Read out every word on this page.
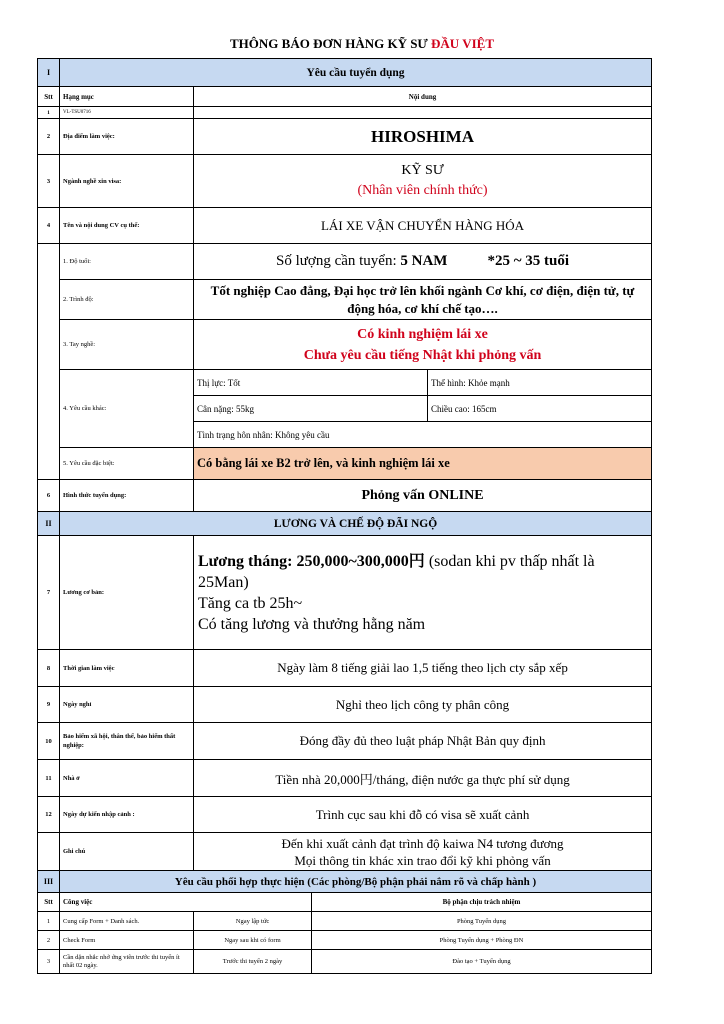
THÔNG BÁO ĐƠN HÀNG KỸ SƯ ĐẦU VIỆT
I	Yêu cầu tuyển dụng		
Stt	Hạng mục	Nội dung	
1	VL-TSU0716		
2	Địa điểm làm việc:	HIROSHIMA	
3	Ngành nghề xin visa:	KỸ SƯ
(Nhân viên chính thức)	

4	Tên và nội dung CV cụ thể:	LÁI XE VẬN CHUYỂN HÀNG HÓA	
	1. Độ tuổi:	Số lượng cần tuyển: 5 NAM *25 ~ 35 tuổi	
	2. Trình độ:	Tốt nghiệp Cao đẳng, Đại học trở lên khối ngành Cơ khí, cơ điện, điện tử, tự động hóa, cơ khí chế tạo….	
	3. Tay nghề:	Có kinh nghiệm lái xe
Chưa yêu cầu tiếng Nhật khi phỏng vấn	

	4. Yêu cầu khác:	Thị lực: Tốt	Thể hình: Khỏe mạnh
		Cân nặng: 55kg	Chiều cao: 165cm
		Tình trạng hôn nhân: Không yêu cầu	
	5. Yêu cầu đặc biệt:	Có bằng lái xe B2 trở lên, và kinh nghiệm lái xe	
6	Hình thức tuyển dụng:	Phỏng vấn ONLINE	
II	LƯƠNG VÀ CHẾ ĐỘ ĐÃI NGỘ		
7	Lương cơ bản:	Lương tháng: 250,000~300,000円 (sodan khi pv thấp nhất là 25Man)
Tăng ca tb 25h~
Có tăng lương và thưởng hằng năm	

8	Thời gian làm việc	Ngày làm 8 tiếng giải lao 1,5 tiếng theo lịch cty sắp xếp	
9	Ngày nghỉ	Nghỉ theo lịch công ty phân công	
10	Bảo hiểm xã hội, thân thể, bảo hiểm thất nghiệp:	Đóng đầy đủ theo luật pháp Nhật Bản quy định	
11	Nhà ở	Tiền nhà 20,000円/tháng, điện nước ga thực phí sử dụng	
12	Ngày dự kiến nhập cảnh :	Trình cục sau khi đỗ có visa sẽ xuất cảnh	
	Ghi chú	Đến khi xuất cảnh đạt trình độ kaiwa N4 tương đương
Mọi thông tin khác xin trao đổi kỹ khi phỏng vấn	
III	Yêu cầu phối hợp thực hiện (Các phòng/Bộ phận phải nắm rõ và chấp hành )		
Stt	Công việc		Bộ phận chịu trách nhiệm
1	Cung cấp Form + Danh sách.	Ngay lập tức	Phòng Tuyển dụng
2	Check Form	Ngay sau khi có form	Phòng Tuyển dụng + Phòng ĐN
3	Cần dặn nhắc nhở ứng viên trước thi tuyển ít nhất 02 ngày.	Trước thi tuyển 2 ngày	Đào tạo + Tuyển dụng
